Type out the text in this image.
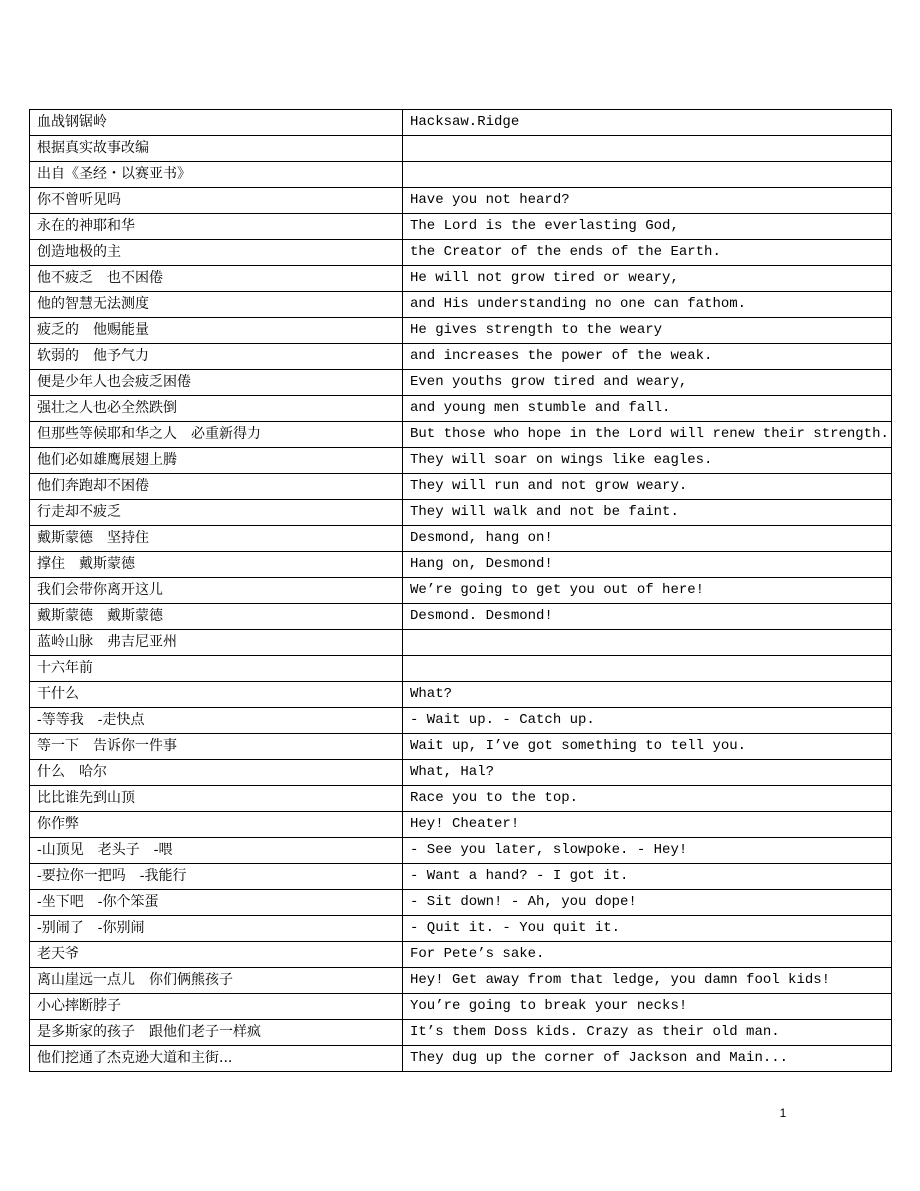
血战钢锯岭	Hacksaw.Ridge
根据真实故事改编	
出自《圣经・以赛亚书》	
你不曾听见吗	Have you not heard?
永在的神耶和华	The Lord is the everlasting God,
创造地极的主	the Creator of the ends of the Earth.
他不疲乏　也不困倦	He will not grow tired or weary,
他的智慧无法测度	and His understanding no one can fathom.
疲乏的　他赐能量	He gives strength to the weary
软弱的　他予气力	and increases the power of the weak.
便是少年人也会疲乏困倦	Even youths grow tired and weary,
强壮之人也必全然跌倒	and young men stumble and fall.
但那些等候耶和华之人　必重新得力	But those who hope in the Lord will renew their strength.
他们必如雄鹰展翅上腾	They will soar on wings like eagles.
他们奔跑却不困倦	They will run and not grow weary.
行走却不疲乏	They will walk and not be faint.
戴斯蒙德　坚持住	Desmond, hang on!
撑住　戴斯蒙德	Hang on, Desmond!
我们会带你离开这儿	We’re going to get you out of here!
戴斯蒙德　戴斯蒙德	Desmond. Desmond!
蓝岭山脉　弗吉尼亚州	
十六年前	
干什么	What?
-等等我　-走快点	- Wait up. - Catch up.
等一下　告诉你一件事	Wait up, I’ve got something to tell you.
什么　哈尔	What, Hal?
比比谁先到山顶	Race you to the top.
你作弊	Hey! Cheater!
-山顶见　老头子　-喂	- See you later, slowpoke. - Hey!
-要拉你一把吗　-我能行	- Want a hand? - I got it.
-坐下吧　-你个笨蛋	- Sit down! - Ah, you dope!
-别闹了　-你别闹	- Quit it. - You quit it.
老天爷	For Pete’s sake.
离山崖远一点儿　你们俩熊孩子	Hey! Get away from that ledge, you damn fool kids!
小心摔断脖子	You’re going to break your necks!
是多斯家的孩子　跟他们老子一样疯	It’s them Doss kids. Crazy as their old man.
他们挖通了杰克逊大道和主街...	They dug up the corner of Jackson and Main...
1
